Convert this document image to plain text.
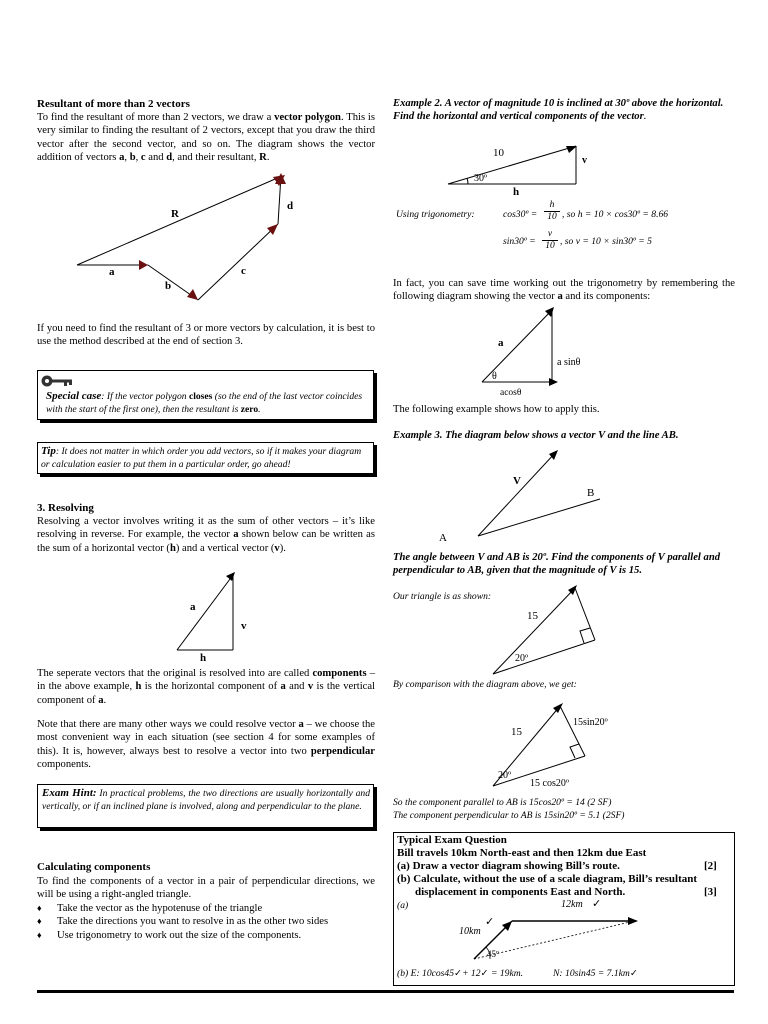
Resultant of more than 2 vectors
To find the resultant of more than 2 vectors, we draw a vector polygon. This is very similar to finding the resultant of 2 vectors, except that you draw the third vector after the second vector, and so on. The diagram shows the vector addition of vectors a, b, c and d, and their resultant, R.
R
a
b
c
d
If you need to find the resultant of 3 or more vectors by calculation, it is best to use the method described at the end of section 3.
Special case: If the vector polygon closes (so the end of the last vector coincides with the start of the first one), then the resultant is zero.
Tip: It does not matter in which order you add vectors, so if it makes your diagram or calculation easier to put them in a particular order, go ahead!
3. Resolving
Resolving a vector involves writing it as the sum of other vectors – it’s like resolving in reverse. For example, the vector a shown below can be written as the sum of a horizontal vector (h) and a vertical vector (v).
a
v
h
The seperate vectors that the original is resolved into are called components – in the above example, h is the horizontal component of a and v is the vertical component of a.
Note that there are many other ways we could resolve vector a – we choose the most convenient way in each situation (see section 4 for some examples of this). It is, however, always best to resolve a vector into two perpendicular components.
Exam Hint: In practical problems, the two directions are usually horizontally and vertically, or if an inclined plane is involved, along and perpendicular to the plane.
Calculating components
To find the components of a vector in a pair of perpendicular directions, we will be using a right-angled triangle.
♦ Take the vector as the hypotenuse of the triangle
♦ Take the directions you want to resolve in as the other two sides
♦ Use trigonometry to work out the size of the components.
Example 2. A vector of magnitude 10 is inclined at 30º above the horizontal. Find the horizontal and vertical components of the vector.
10
v
30º
h
Using trigonometry:	cos30º =
h
10 , so h = 10 × cos30º = 8.66
sin30º =
v
10 , so v = 10 × sin30º = 5
In fact, you can save time working out the trigonometry by remembering the following diagram showing the vector a and its components:
a
a sinθ
θ
acosθ
The following example shows how to apply this.
Example 3. The diagram below shows a vector V and the line AB.
V
B
A
The angle between V and AB is 20º. Find the components of V parallel and perpendicular to AB, given that the magnitude of V is 15.
Our triangle is as shown:
15
20º
By comparison with the diagram above, we get:
15
15sin20º
20º
15 cos20º
So the component parallel to AB is 15cos20º = 14 (2 SF)
The component perpendicular to AB is 15sin20º = 5.1 (2SF)
Typical Exam Question
Bill travels 10km North-east and then 12km due East
(a) Draw a vector diagram showing Bill’s route.	[2]
(b) Calculate, without the use of a scale diagram, Bill’s resultant
displacement in components East and North.	[3]
(a)	12km ✓
10km
✓
45º
(b) E: 10cos45✓+ 12✓ = 19km.	N: 10sin45 = 7.1km✓
